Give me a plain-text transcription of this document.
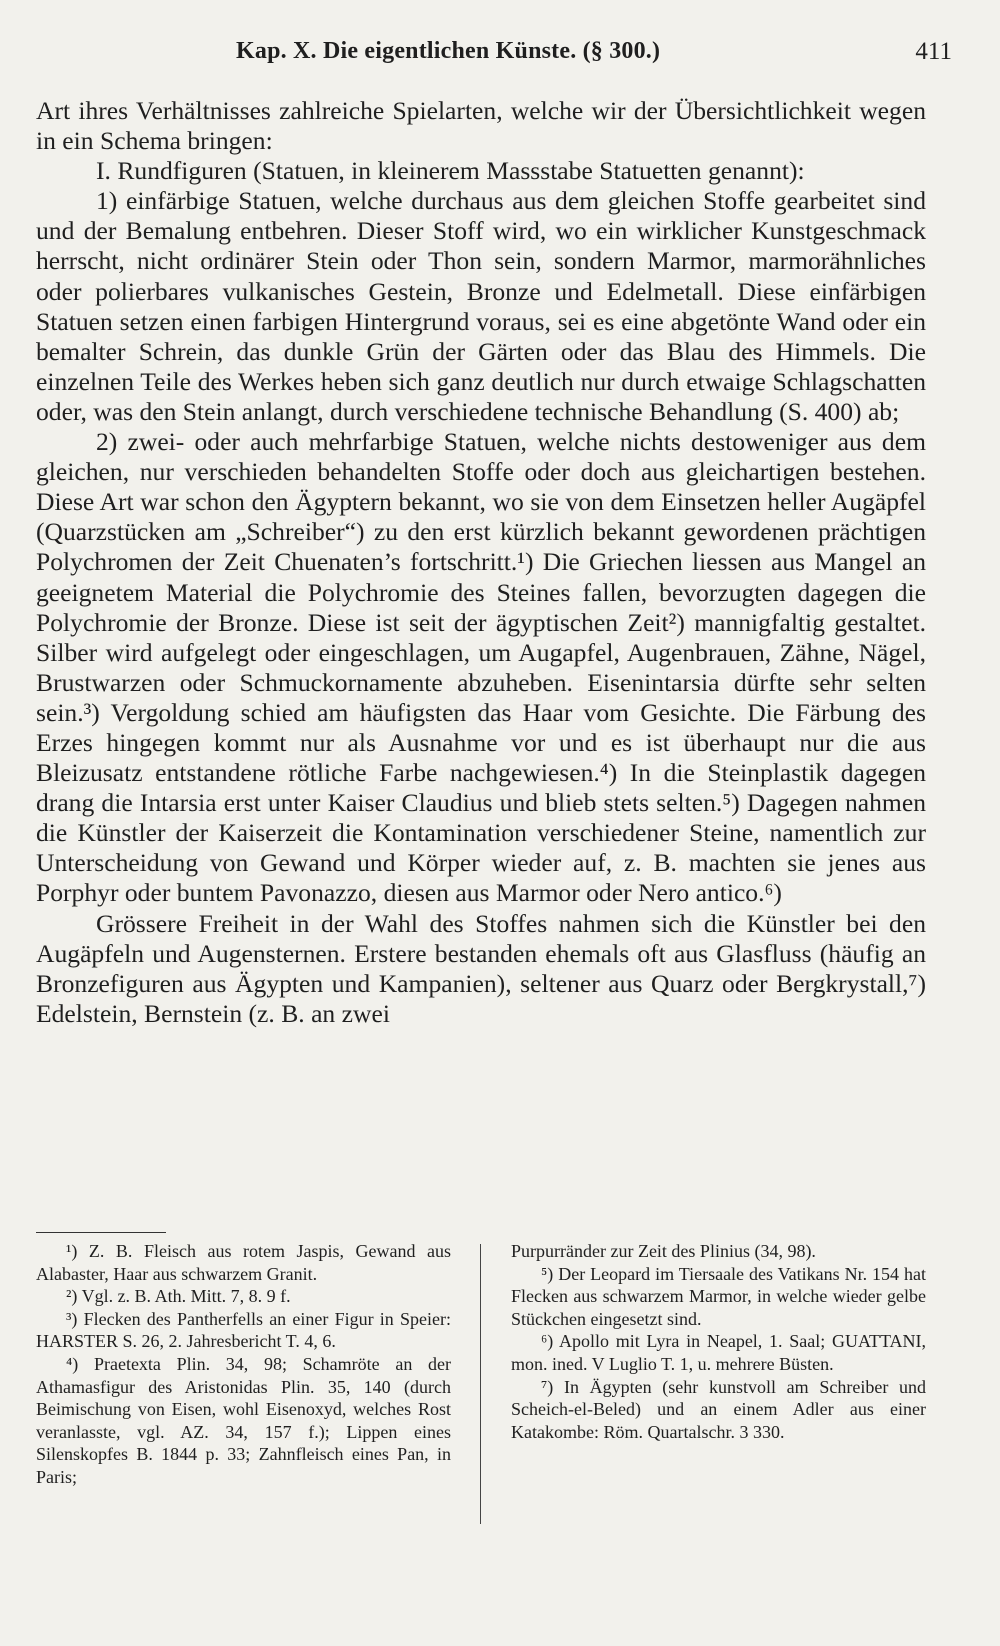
Kap. X. Die eigentlichen Künste. (§ 300.)	411

Art ihres Verhältnisses zahlreiche Spielarten, welche wir der Übersichtlichkeit wegen in ein Schema bringen:

I. Rundfiguren (Statuen, in kleinerem Massstabe Statuetten genannt):

1) einfärbige Statuen, welche durchaus aus dem gleichen Stoffe gearbeitet sind und der Bemalung entbehren. Dieser Stoff wird, wo ein wirklicher Kunstgeschmack herrscht, nicht ordinärer Stein oder Thon sein, sondern Marmor, marmorähnliches oder polierbares vulkanisches Gestein, Bronze und Edelmetall. Diese einfärbigen Statuen setzen einen farbigen Hintergrund voraus, sei es eine abgetönte Wand oder ein bemalter Schrein, das dunkle Grün der Gärten oder das Blau des Himmels. Die einzelnen Teile des Werkes heben sich ganz deutlich nur durch etwaige Schlagschatten oder, was den Stein anlangt, durch verschiedene technische Behandlung (S. 400) ab;

2) zwei- oder auch mehrfarbige Statuen, welche nichts destoweniger aus dem gleichen, nur verschieden behandelten Stoffe oder doch aus gleichartigen bestehen. Diese Art war schon den Ägyptern bekannt, wo sie von dem Einsetzen heller Augäpfel (Quarzstücken am „Schreiber“) zu den erst kürzlich bekannt gewordenen prächtigen Polychromen der Zeit Chuenaten’s fortschritt.¹) Die Griechen liessen aus Mangel an geeignetem Material die Polychromie des Steines fallen, bevorzugten dagegen die Polychromie der Bronze. Diese ist seit der ägyptischen Zeit²) mannigfaltig gestaltet. Silber wird aufgelegt oder eingeschlagen, um Augapfel, Augenbrauen, Zähne, Nägel, Brustwarzen oder Schmuckornamente abzuheben. Eisenintarsia dürfte sehr selten sein.³) Vergoldung schied am häufigsten das Haar vom Gesichte. Die Färbung des Erzes hingegen kommt nur als Ausnahme vor und es ist überhaupt nur die aus Bleizusatz entstandene rötliche Farbe nachgewiesen.⁴) In die Steinplastik dagegen drang die Intarsia erst unter Kaiser Claudius und blieb stets selten.⁵) Dagegen nahmen die Künstler der Kaiserzeit die Kontamination verschiedener Steine, namentlich zur Unterscheidung von Gewand und Körper wieder auf, z. B. machten sie jenes aus Porphyr oder buntem Pavonazzo, diesen aus Marmor oder Nero antico.⁶)

Grössere Freiheit in der Wahl des Stoffes nahmen sich die Künstler bei den Augäpfeln und Augensternen. Erstere bestanden ehemals oft aus Glasfluss (häufig an Bronzefiguren aus Ägypten und Kampanien), seltener aus Quarz oder Bergkrystall,⁷) Edelstein, Bernstein (z. B. an zwei

¹) Z. B. Fleisch aus rotem Jaspis, Gewand aus Alabaster, Haar aus schwarzem Granit.

²) Vgl. z. B. Ath. Mitt. 7, 8. 9 f.

³) Flecken des Pantherfells an einer Figur in Speier: HARSTER S. 26, 2. Jahresbericht T. 4, 6.

⁴) Praetexta Plin. 34, 98; Schamröte an der Athamasfigur des Aristonidas Plin. 35, 140 (durch Beimischung von Eisen, wohl Eisenoxyd, welches Rost veranlasste, vgl. AZ. 34, 157 f.); Lippen eines Silenskopfes B. 1844 p. 33; Zahnfleisch eines Pan, in Paris;

Purpurränder zur Zeit des Plinius (34, 98).

⁵) Der Leopard im Tiersaale des Vatikans Nr. 154 hat Flecken aus schwarzem Marmor, in welche wieder gelbe Stückchen eingesetzt sind.

⁶) Apollo mit Lyra in Neapel, 1. Saal; GUATTANI, mon. ined. V Luglio T. 1, u. mehrere Büsten.

⁷) In Ägypten (sehr kunstvoll am Schreiber und Scheich-el-Beled) und an einem Adler aus einer Katakombe: Röm. Quartalschr. 3 330.
